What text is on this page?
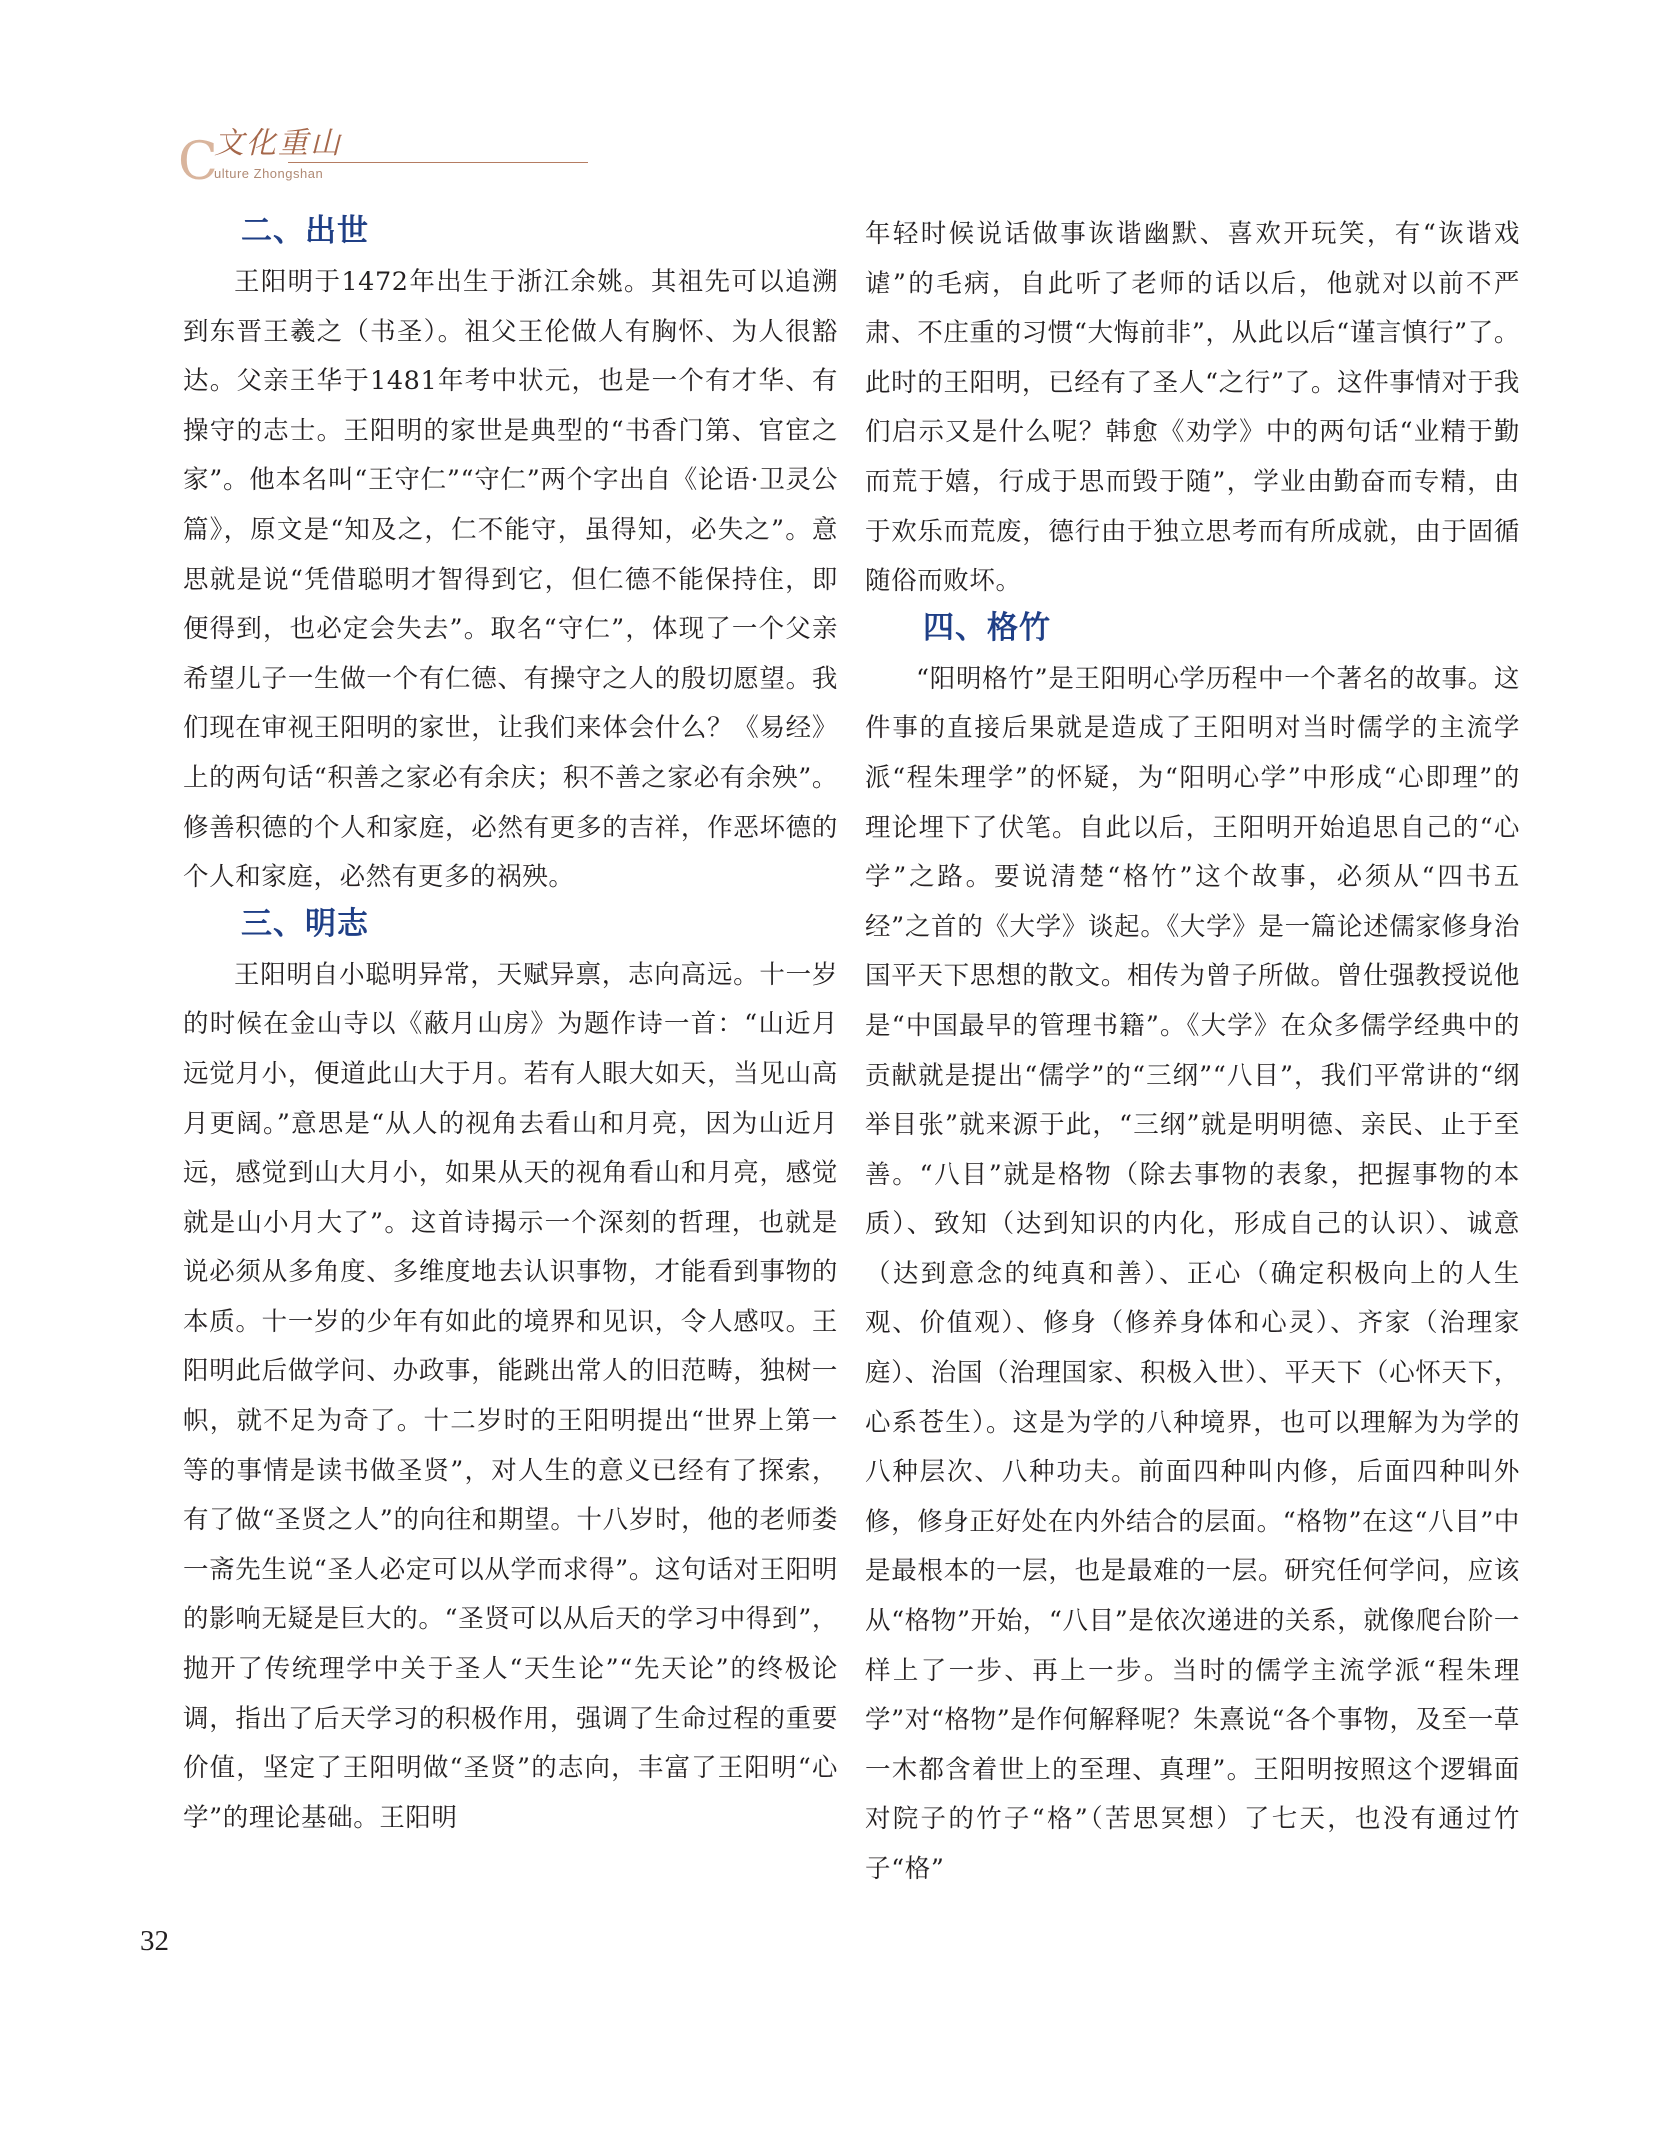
C
文化重山
ulture Zhongshan
二、出世

王阳明于1472年出生于浙江余姚。其祖先可以追溯到东晋王羲之（书圣）。祖父王伦做人有胸怀、为人很豁达。父亲王华于1481年考中状元，也是一个有才华、有操守的志士。王阳明的家世是典型的“书香门第、官宦之家”。他本名叫“王守仁”“守仁”两个字出自《论语·卫灵公篇》，原文是“知及之，仁不能守，虽得知，必失之”。意思就是说“凭借聪明才智得到它，但仁德不能保持住，即便得到，也必定会失去”。取名“守仁”，体现了一个父亲希望儿子一生做一个有仁德、有操守之人的殷切愿望。我们现在审视王阳明的家世，让我们来体会什么？《易经》上的两句话“积善之家必有余庆；积不善之家必有余殃”。修善积德的个人和家庭，必然有更多的吉祥，作恶坏德的个人和家庭，必然有更多的祸殃。

三、明志

王阳明自小聪明异常，天赋异禀，志向高远。十一岁的时候在金山寺以《蔽月山房》为题作诗一首：“山近月远觉月小，便道此山大于月。若有人眼大如天，当见山高月更阔。”意思是“从人的视角去看山和月亮，因为山近月远，感觉到山大月小，如果从天的视角看山和月亮，感觉就是山小月大了”。这首诗揭示一个深刻的哲理，也就是说必须从多角度、多维度地去认识事物，才能看到事物的本质。十一岁的少年有如此的境界和见识，令人感叹。王阳明此后做学问、办政事，能跳出常人的旧范畴，独树一帜，就不足为奇了。十二岁时的王阳明提出“世界上第一等的事情是读书做圣贤”，对人生的意义已经有了探索，有了做“圣贤之人”的向往和期望。十八岁时，他的老师娄一斋先生说“圣人必定可以从学而求得”。这句话对王阳明的影响无疑是巨大的。“圣贤可以从后天的学习中得到”，抛开了传统理学中关于圣人“天生论”“先天论”的终极论调，指出了后天学习的积极作用，强调了生命过程的重要价值，坚定了王阳明做“圣贤”的志向，丰富了王阳明“心学”的理论基础。王阳明

年轻时候说话做事诙谐幽默、喜欢开玩笑，有“诙谐戏谑”的毛病，自此听了老师的话以后，他就对以前不严肃、不庄重的习惯“大悔前非”，从此以后“谨言慎行”了。此时的王阳明，已经有了圣人“之行”了。这件事情对于我们启示又是什么呢？韩愈《劝学》中的两句话“业精于勤而荒于嬉，行成于思而毁于随”，学业由勤奋而专精，由于欢乐而荒废，德行由于独立思考而有所成就，由于固循随俗而败坏。

四、格竹

“阳明格竹”是王阳明心学历程中一个著名的故事。这件事的直接后果就是造成了王阳明对当时儒学的主流学派“程朱理学”的怀疑，为“阳明心学”中形成“心即理”的理论埋下了伏笔。自此以后，王阳明开始追思自己的“心学”之路。要说清楚“格竹”这个故事，必须从“四书五经”之首的《大学》谈起。《大学》是一篇论述儒家修身治国平天下思想的散文。相传为曾子所做。曾仕强教授说他是“中国最早的管理书籍”。《大学》在众多儒学经典中的贡献就是提出“儒学”的“三纲”“八目”，我们平常讲的“纲举目张”就来源于此，“三纲”就是明明德、亲民、止于至善。“八目”就是格物（除去事物的表象，把握事物的本质）、致知（达到知识的内化，形成自己的认识）、诚意（达到意念的纯真和善）、正心（确定积极向上的人生观、价值观）、修身（修养身体和心灵）、齐家（治理家庭）、治国（治理国家、积极入世）、平天下（心怀天下，心系苍生）。这是为学的八种境界，也可以理解为为学的八种层次、八种功夫。前面四种叫内修，后面四种叫外修，修身正好处在内外结合的层面。“格物”在这“八目”中是最根本的一层，也是最难的一层。研究任何学问，应该从“格物”开始，“八目”是依次递进的关系，就像爬台阶一样上了一步、再上一步。当时的儒学主流学派“程朱理学”对“格物”是作何解释呢？朱熹说“各个事物，及至一草一木都含着世上的至理、真理”。王阳明按照这个逻辑面对院子的竹子“格”（苦思冥想）了七天，也没有通过竹子“格”

32
